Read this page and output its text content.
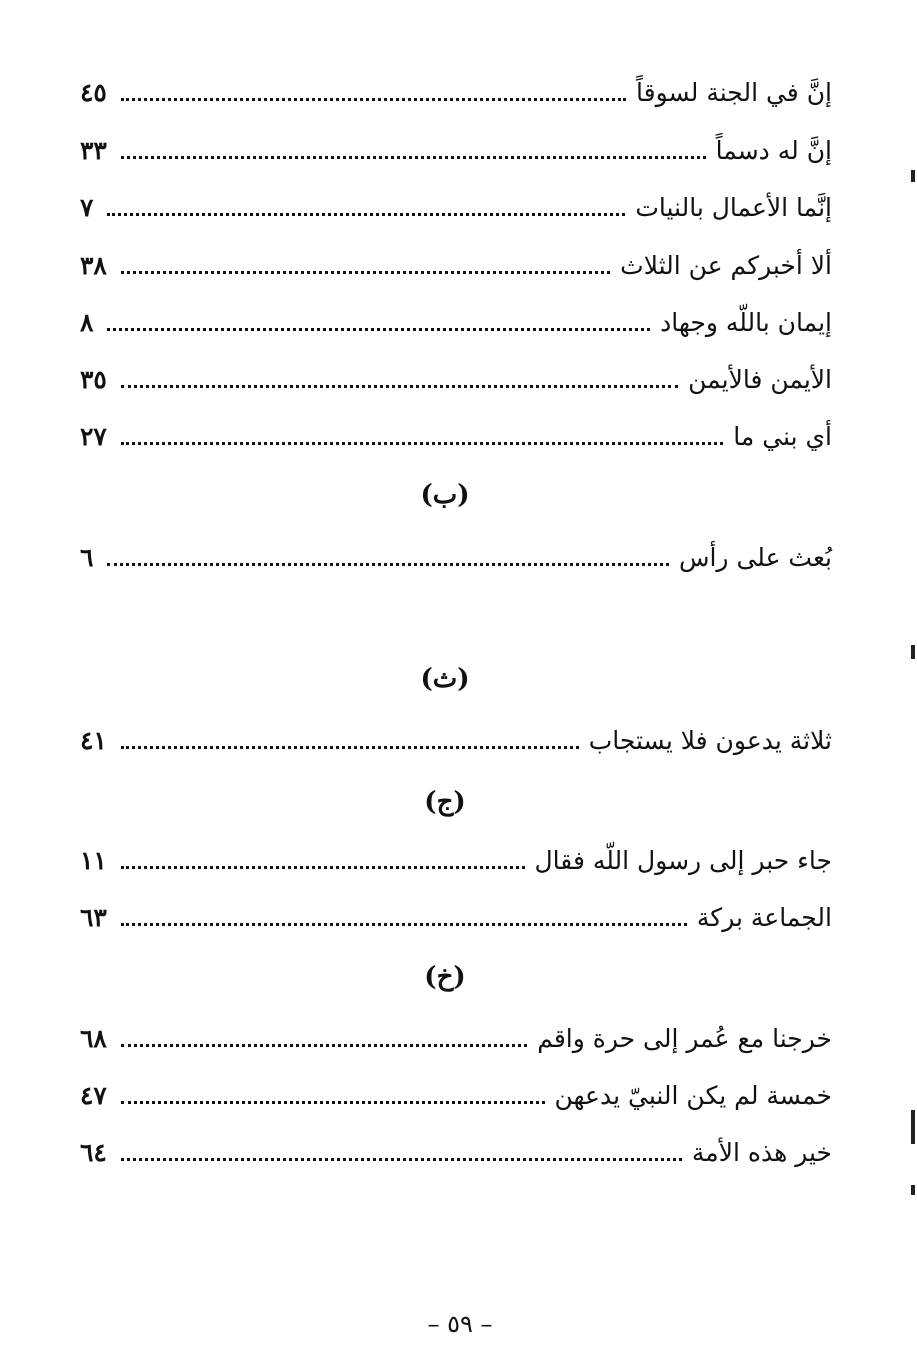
إنَّ في الجنة لسوقاً
٤٥
إنَّ له دسماً
٣٣
إنَّما الأعمال بالنيات
٧
ألا أخبركم عن الثلاث
٣٨
إيمان باللّه وجهاد
٨
الأيمن فالأيمن
٣٥
أي بني ما
٢٧
(ب)
بُعث على رأس
٦
(ث)
ثلاثة يدعون فلا يستجاب
٤١
(ج)
جاء حبر إلى رسول اللّه فقال
١١
الجماعة بركة
٦٣
(خ)
خرجنا مع عُمر إلى حرة واقم
٦٨
خمسة لم يكن النبيّ يدعهن
٤٧
خير هذه الأمة
٦٤
– ٥٩ –
